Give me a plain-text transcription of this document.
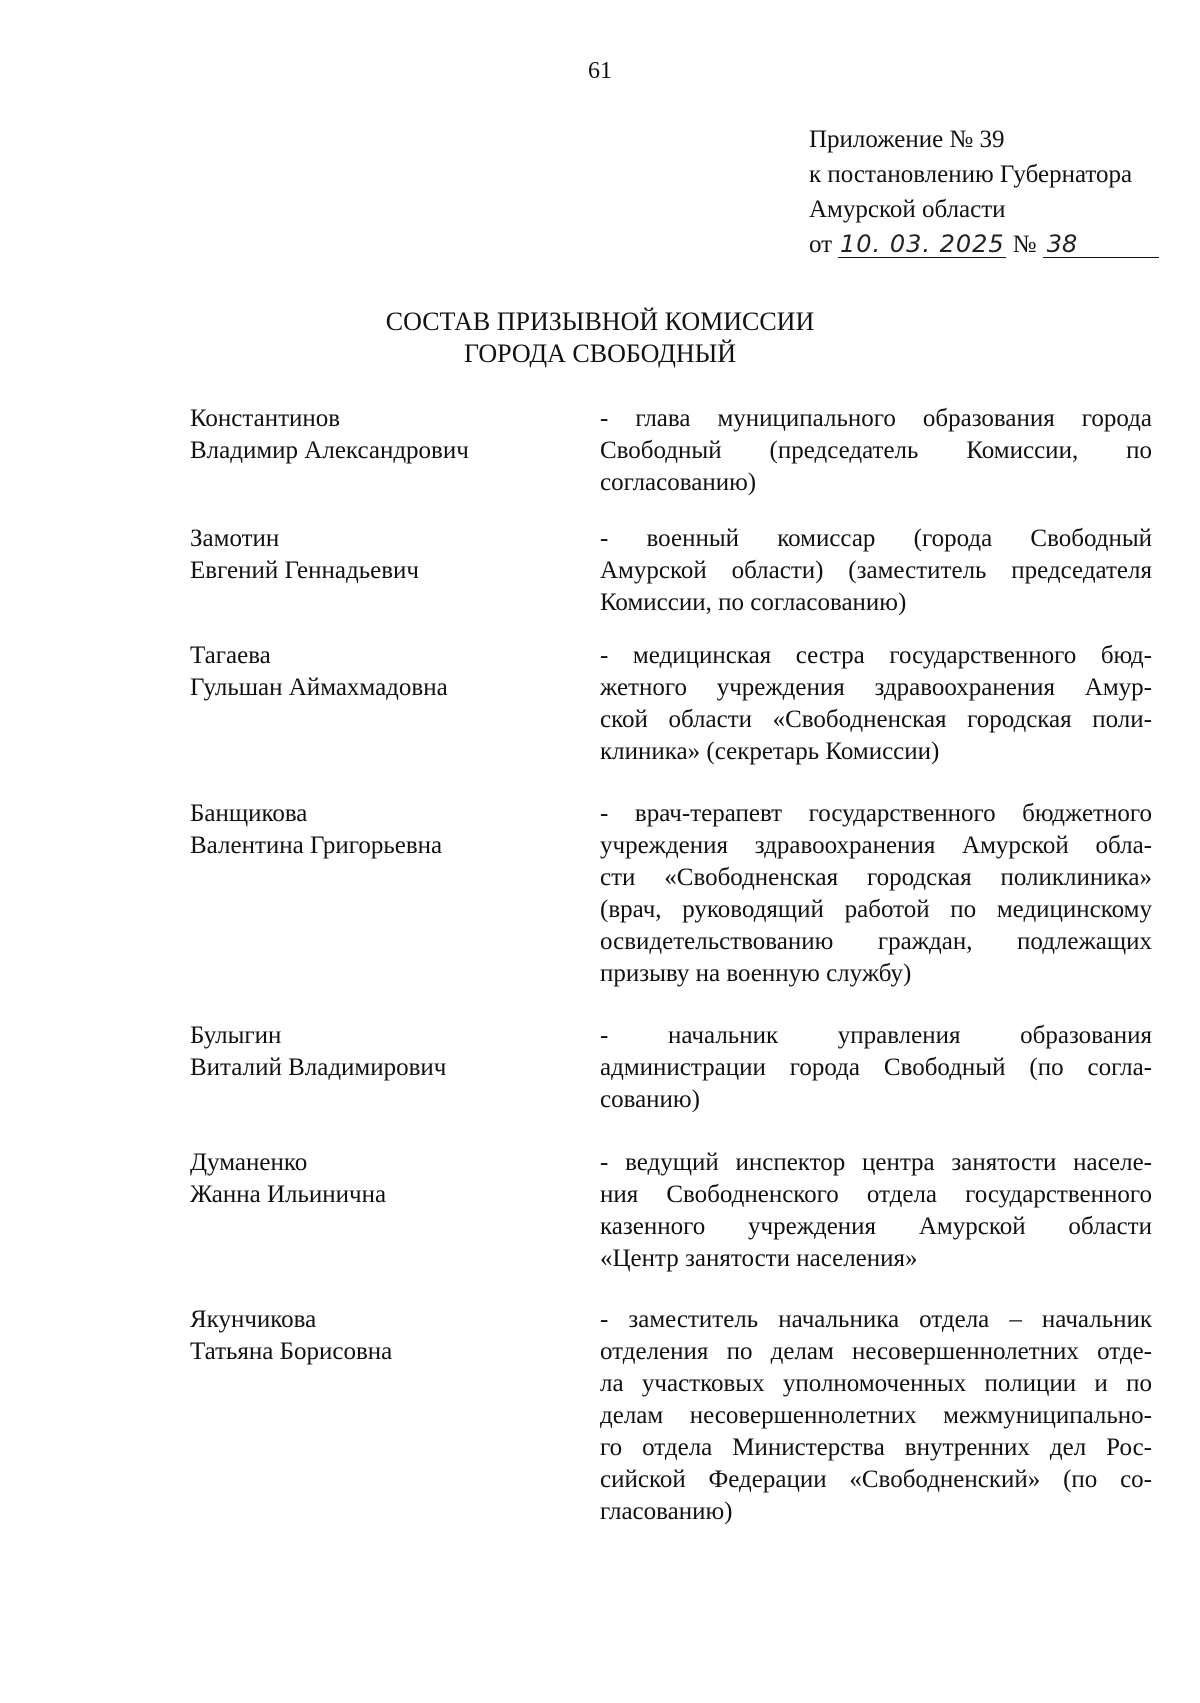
61
Приложение № 39
к постановлению Губернатора
Амурской области
от 10. 03. 2025 № 38
СОСТАВ ПРИЗЫВНОЙ КОМИССИИ
ГОРОДА СВОБОДНЫЙ
Константинов
Владимир Александрович
- глава муниципального образования города
Свободный (председатель Комиссии, по
согласованию)
Замотин
Евгений Геннадьевич
- военный комиссар (города Свободный
Амурской области) (заместитель председателя
Комиссии, по согласованию)
Тагаева
Гульшан Аймахмадовна
- медицинская сестра государственного бюд-
жетного учреждения здравоохранения Амур-
ской области «Свободненская городская поли-
клиника» (секретарь Комиссии)
Банщикова
Валентина Григорьевна
- врач-терапевт государственного бюджетного
учреждения здравоохранения Амурской обла-
сти «Свободненская городская поликлиника»
(врач, руководящий работой по медицинскому
освидетельствованию граждан, подлежащих
призыву на военную службу)
Булыгин
Виталий Владимирович
- начальник управления образования
администрации города Свободный (по согла-
сованию)
Думаненко
Жанна Ильинична
- ведущий инспектор центра занятости населе-
ния Свободненского отдела государственного
казенного учреждения Амурской области
«Центр занятости населения»
Якунчикова
Татьяна Борисовна
- заместитель начальника отдела – начальник
отделения по делам несовершеннолетних отде-
ла участковых уполномоченных полиции и по
делам несовершеннолетних межмуниципально-
го отдела Министерства внутренних дел Рос-
сийской Федерации «Свободненский» (по со-
гласованию)
